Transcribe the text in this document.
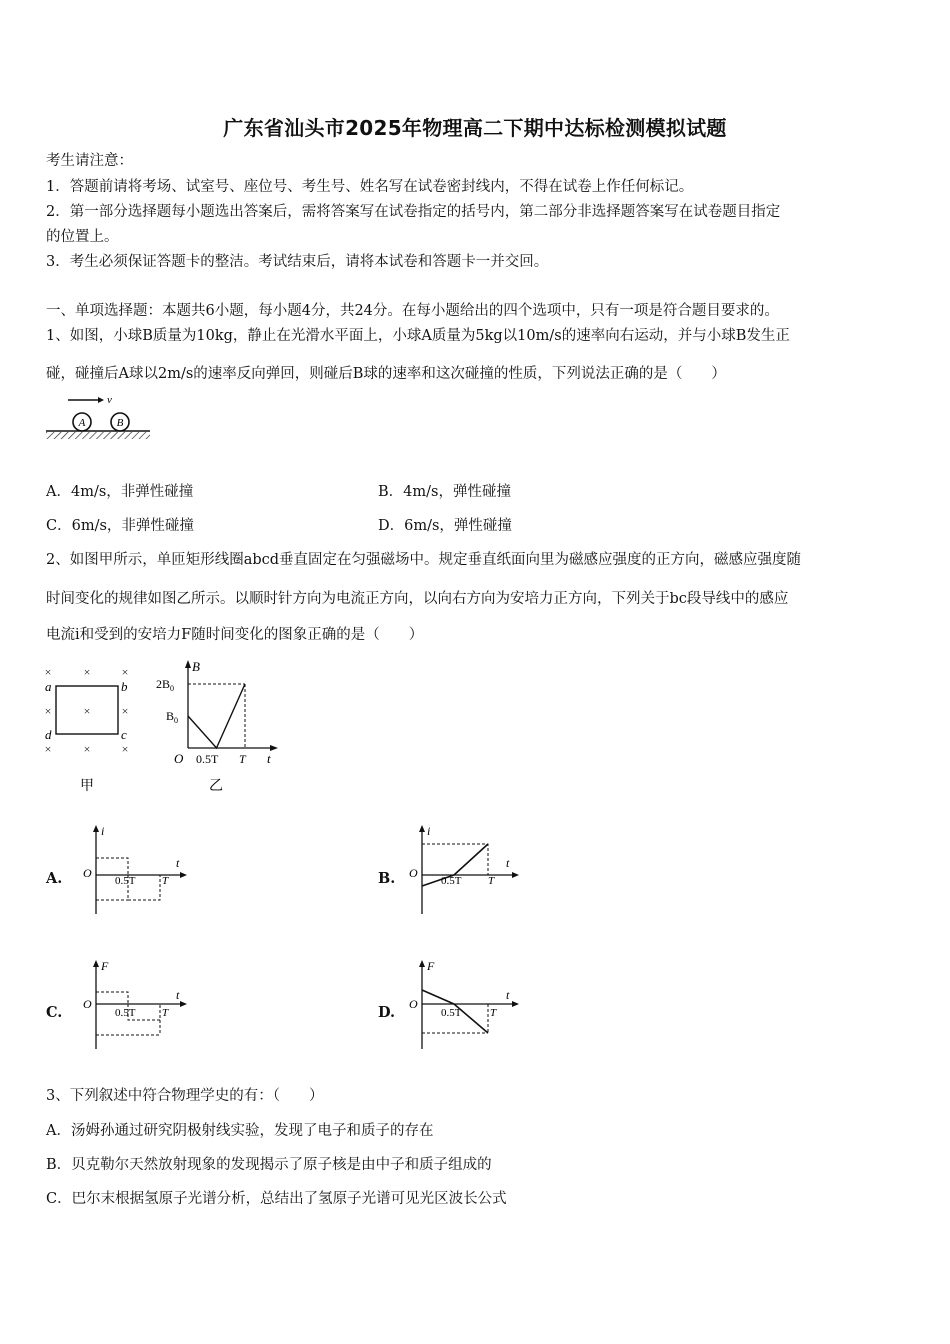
广东省汕头市2025年物理高二下期中达标检测模拟试题
考生请注意：
1．答题前请将考场、试室号、座位号、考生号、姓名写在试卷密封线内，不得在试卷上作任何标记。
2．第一部分选择题每小题选出答案后，需将答案写在试卷指定的括号内，第二部分非选择题答案写在试卷题目指定
的位置上。
3．考生必须保证答题卡的整洁。考试结束后，请将本试卷和答题卡一并交回。
一、单项选择题：本题共6小题，每小题4分，共24分。在每小题给出的四个选项中，只有一项是符合题目要求的。
1、如图，小球B质量为10kg，静止在光滑水平面上，小球A质量为5kg以10m/s的速率向右运动，并与小球B发生正
碰，碰撞后A球以2m/s的速率反向弹回，则碰后B球的速率和这次碰撞的性质，下列说法正确的是（　　）
v
A	B
A．4m/s，非弹性碰撞	B．4m/s，弹性碰撞
C．6m/s，非弹性碰撞	D．6m/s，弹性碰撞
2、如图甲所示，单匝矩形线圈abcd垂直固定在匀强磁场中。规定垂直纸面向里为磁感应强度的正方向，磁感应强度随
时间变化的规律如图乙所示。以顺时针方向为电流正方向，以向右方向为安培力正方向，下列关于bc段导线中的感应
电流i和受到的安培力F随时间变化的图象正确的是（　　）
×	×	×
×	×	×
×	×	×
a	b
c
d
甲
B
t
O
$2B_0$
$B_0$
0.5T T
乙
A.
i
t
O
0.5T T	B.
i
t
O
0.5T T
C.
F
t
O
0.5T T	D.
F
t
O
0.5T	T
3、下列叙述中符合物理学史的有：（　　）
A．汤姆孙通过研究阴极射线实验，发现了电子和质子的存在
B．贝克勒尔天然放射现象的发现揭示了原子核是由中子和质子组成的
C．巴尔末根据氢原子光谱分析，总结出了氢原子光谱可见光区波长公式
